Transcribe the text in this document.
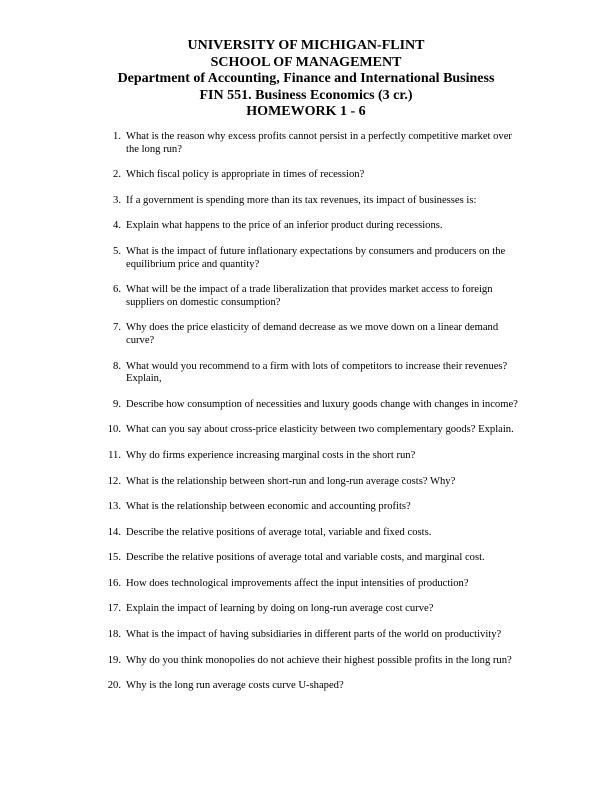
UNIVERSITY OF MICHIGAN-FLINT
SCHOOL OF MANAGEMENT
Department of Accounting, Finance and International Business
FIN 551. Business Economics (3 cr.)
HOMEWORK 1 - 6
1. What is the reason why excess profits cannot persist in a perfectly competitive market over the long run?
2. Which fiscal policy is appropriate in times of recession?
3. If a government is spending more than its tax revenues, its impact of businesses is:
4. Explain what happens to the price of an inferior product during recessions.
5. What is the impact of future inflationary expectations by consumers and producers on the equilibrium price and quantity?
6. What will be the impact of a trade liberalization that provides market access to foreign suppliers on domestic consumption?
7. Why does the price elasticity of demand decrease as we move down on a linear demand curve?
8. What would you recommend to a firm with lots of competitors to increase their revenues? Explain,
9. Describe how consumption of necessities and luxury goods change with changes in income?
10. What can you say about cross-price elasticity between two complementary goods? Explain.
11. Why do firms experience increasing marginal costs in the short run?
12. What is the relationship between short-run and long-run average costs? Why?
13. What is the relationship between economic and accounting profits?
14. Describe the relative positions of average total, variable and fixed costs.
15. Describe the relative positions of average total and variable costs, and marginal cost.
16. How does technological improvements affect the input intensities of production?
17. Explain the impact of learning by doing on long-run average cost curve?
18. What is the impact of having subsidiaries in different parts of the world on productivity?
19. Why do you think monopolies do not achieve their highest possible profits in the long run?
20. Why is the long run average costs curve U-shaped?
